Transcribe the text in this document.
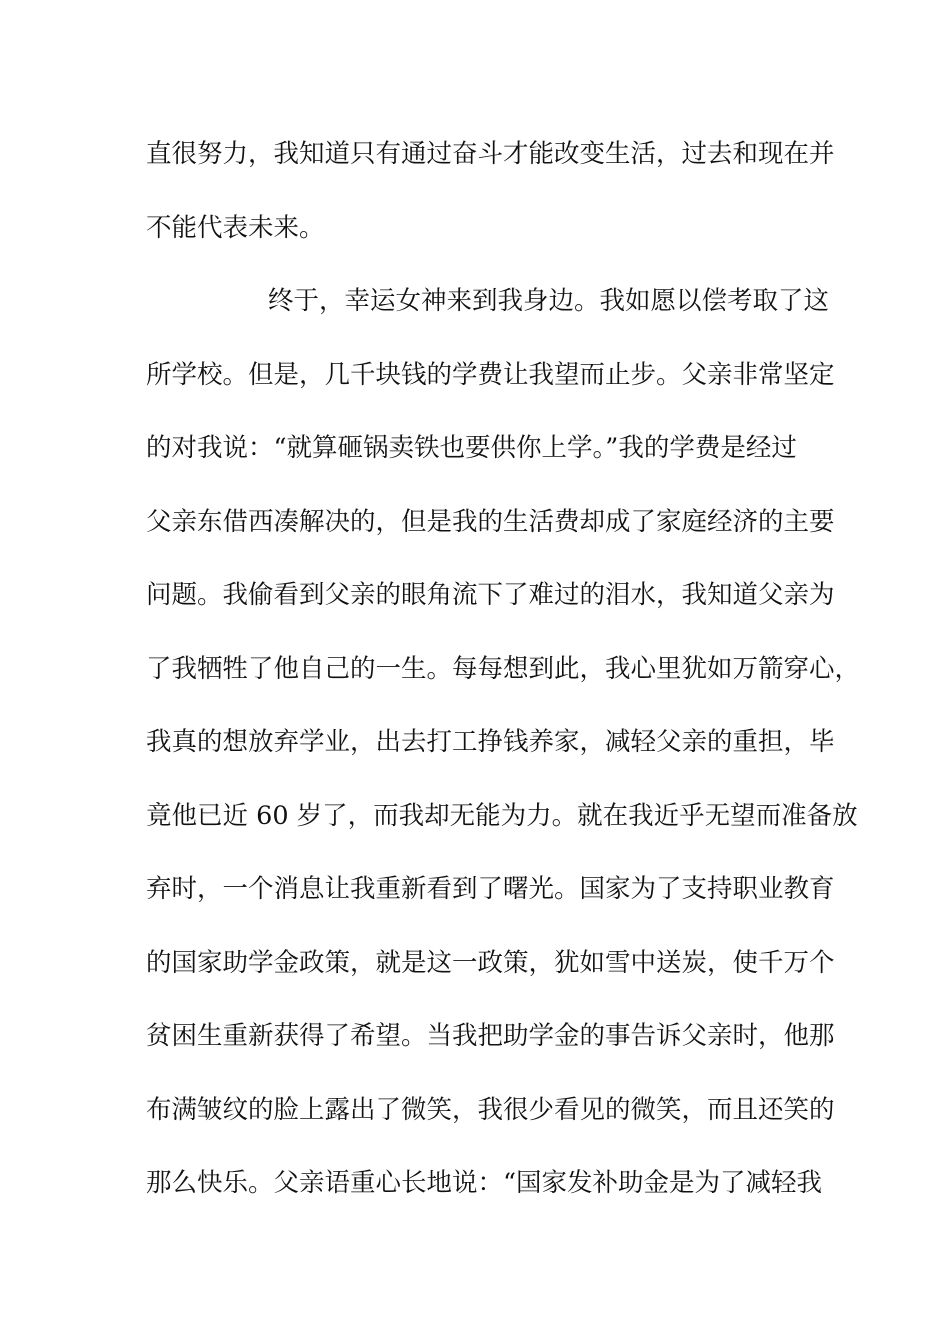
直很努力，我知道只有通过奋斗才能改变生活，过去和现在并
不能代表未来。
终于，幸运女神来到我身边。我如愿以偿考取了这
所学校。但是，几千块钱的学费让我望而止步。父亲非常坚定
的对我说：“就算砸锅卖铁也要供你上学。”我的学费是经过
父亲东借西凑解决的，但是我的生活费却成了家庭经济的主要
问题。我偷看到父亲的眼角流下了难过的泪水，我知道父亲为
了我牺牲了他自己的一生。每每想到此，我心里犹如万箭穿心，
我真的想放弃学业，出去打工挣钱养家，减轻父亲的重担，毕
竟他已近 60 岁了，而我却无能为力。就在我近乎无望而准备放
弃时，一个消息让我重新看到了曙光。国家为了支持职业教育
的国家助学金政策，就是这一政策，犹如雪中送炭，使千万个
贫困生重新获得了希望。当我把助学金的事告诉父亲时，他那
布满皱纹的脸上露出了微笑，我很少看见的微笑，而且还笑的
那么快乐。父亲语重心长地说：“国家发补助金是为了减轻我
